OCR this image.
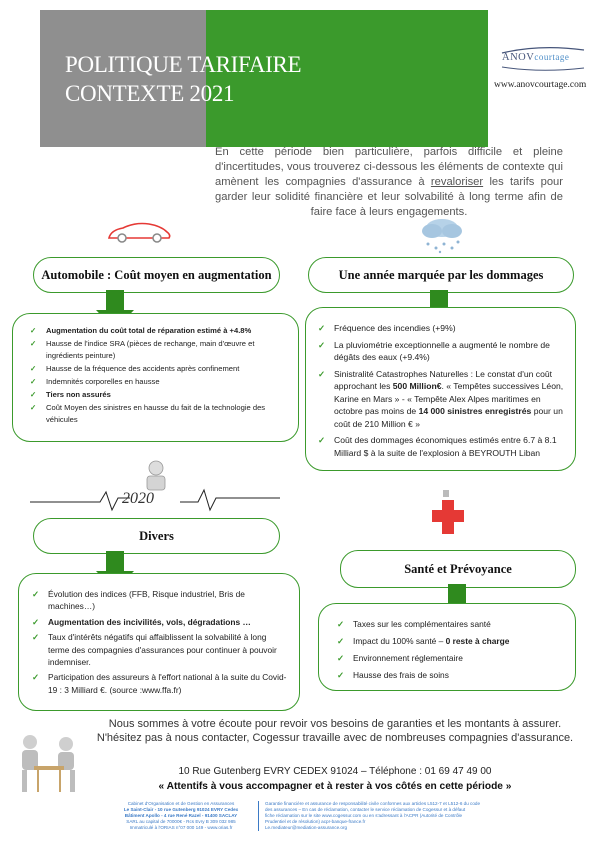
POLITIQUE TARIFAIRE
CONTEXTE 2021
ANOVcourtage
www.anovcourtage.com
En cette période bien particulière, parfois difficile et pleine d'incertitudes, vous trouverez ci-dessous les éléments de contexte qui amènent les compagnies d'assurance à revaloriser les tarifs pour garder leur solidité financière et leur solvabilité à long terme afin de faire face à leurs engagements.
Automobile : Coût moyen en augmentation
✓ Augmentation du coût total de réparation estimé à +4.8%
✓ Hausse de l'indice SRA (pièces de rechange, main d'œuvre et ingrédients peinture)
✓ Hausse de la fréquence des accidents après confinement
✓ Indemnités corporelles en hausse
✓ Tiers non assurés
✓ Coût Moyen des sinistres en hausse du fait de la technologie des véhicules
Une année marquée par les dommages
✓ Fréquence des incendies (+9%)
✓ La pluviométrie exceptionnelle a augmenté le nombre de dégâts des eaux (+9.4%)
✓ Sinistralité Catastrophes Naturelles : Le constat d'un coût approchant les 500 Million€. « Tempêtes successives Léon, Karine en Mars » - « Tempête Alex Alpes maritimes en octobre pas moins de 14 000 sinistres enregistrés pour un coût de 210 Million € »
✓ Coût des dommages économiques estimés entre 6.7 à 8.1 Milliard $ à la suite de l'explosion à BEYROUTH Liban
2020
Divers
✓ Évolution des indices (FFB, Risque industriel, Bris de machines…)
✓ Augmentation des incivilités, vols, dégradations …
✓ Taux d'intérêts négatifs qui affaiblissent la solvabilité à long terme des compagnies d'assurances pour continuer à pouvoir indemniser.
✓ Participation des assureurs à l'effort national à la suite du Covid-19 : 3 Milliard €. (source :www.ffa.fr)
Santé et Prévoyance
✓ Taxes sur les complémentaires santé
✓ Impact du 100% santé – 0 reste à charge
✓ Environnement réglementaire
✓ Hausse des frais de soins
Nous sommes à votre écoute pour revoir vos besoins de garanties et les montants à assurer.
N'hésitez pas à nous contacter, Cogessur travaille avec de nombreuses compagnies d'assurance.
10 Rue Gutenberg EVRY CEDEX 91024 – Téléphone : 01 69 47 49 00
« Attentifs à vous accompagner et à rester à vos côtés en cette période »
Cabinet d'Organisation et de Gestion en Assurances
Le Saint-Clair - 10 rue Gutenberg 91024 EVRY Cedex
Bâtiment Apollo - 4 rue René Razel - 91400 SACLAY
SARL au capital de 70000€ - Rcs Evry B 309 032 985
Immatriculé à l'ORIAS n°07 000 149 - www.orias.fr
Garantie financière et assurance de responsabilité civile conformes aux articles L512-7 et L512-6 du code
des assurances – En cas de réclamation, contacter le service réclamation de Cogessur et à défaut
fiche réclamation sur le site www.cogessur.com ou en s'adressant à l'ACPR (Autorité de Contrôle
Prudentiel et de résolution) acpr-banque-france.fr
Le.mediateur@mediation-assurance.org
